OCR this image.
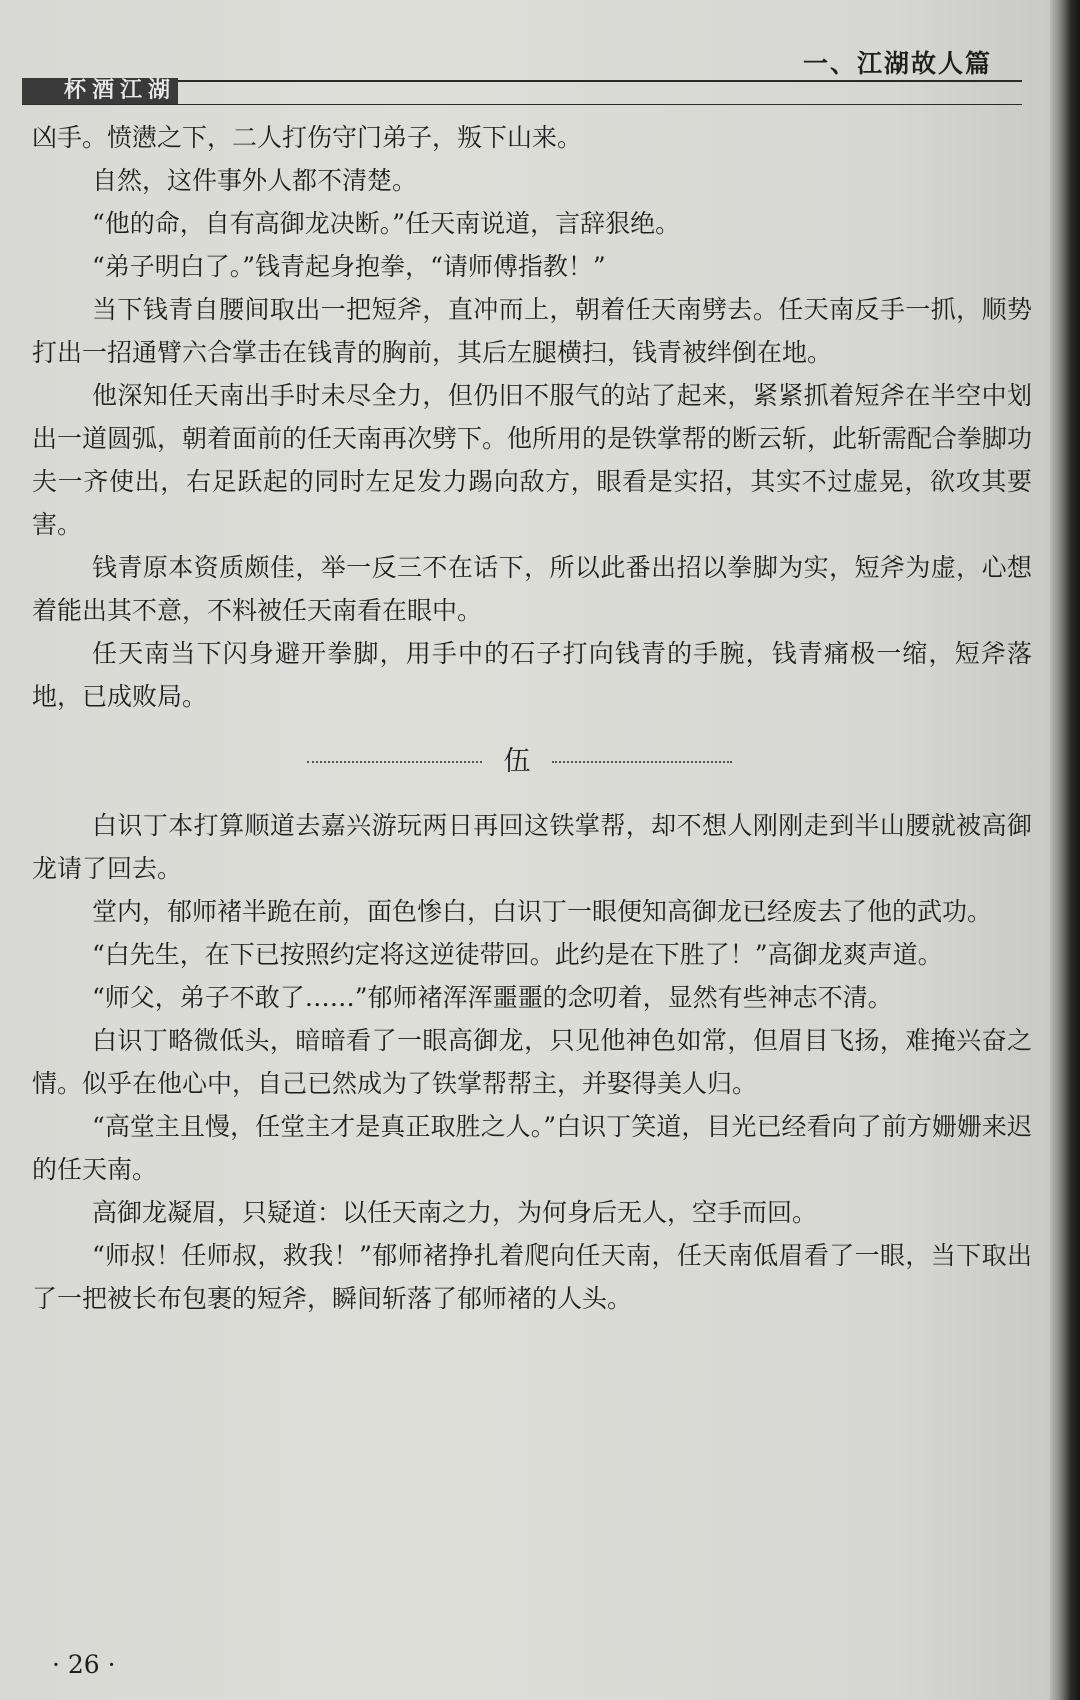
一、江湖故人篇
杯酒江湖

凶手。愤懑之下，二人打伤守门弟子，叛下山来。

自然，这件事外人都不清楚。

“他的命，自有高御龙决断。”任天南说道，言辞狠绝。

“弟子明白了。”钱青起身抱拳，“请师傅指教！”

当下钱青自腰间取出一把短斧，直冲而上，朝着任天南劈去。任天南反手一抓，顺势打出一招通臂六合掌击在钱青的胸前，其后左腿横扫，钱青被绊倒在地。

他深知任天南出手时未尽全力，但仍旧不服气的站了起来，紧紧抓着短斧在半空中划出一道圆弧，朝着面前的任天南再次劈下。他所用的是铁掌帮的断云斩，此斩需配合拳脚功夫一齐使出，右足跃起的同时左足发力踢向敌方，眼看是实招，其实不过虚晃，欲攻其要害。

钱青原本资质颇佳，举一反三不在话下，所以此番出招以拳脚为实，短斧为虚，心想着能出其不意，不料被任天南看在眼中。

任天南当下闪身避开拳脚，用手中的石子打向钱青的手腕，钱青痛极一缩，短斧落地，已成败局。

伍

白识丁本打算顺道去嘉兴游玩两日再回这铁掌帮，却不想人刚刚走到半山腰就被高御龙请了回去。

堂内，郁师褚半跪在前，面色惨白，白识丁一眼便知高御龙已经废去了他的武功。

“白先生，在下已按照约定将这逆徒带回。此约是在下胜了！”高御龙爽声道。

“师父，弟子不敢了……”郁师褚浑浑噩噩的念叨着，显然有些神志不清。

白识丁略微低头，暗暗看了一眼高御龙，只见他神色如常，但眉目飞扬，难掩兴奋之情。似乎在他心中，自己已然成为了铁掌帮帮主，并娶得美人归。

“高堂主且慢，任堂主才是真正取胜之人。”白识丁笑道，目光已经看向了前方姗姗来迟的任天南。

高御龙凝眉，只疑道：以任天南之力，为何身后无人，空手而回。

“师叔！任师叔，救我！”郁师褚挣扎着爬向任天南，任天南低眉看了一眼，当下取出了一把被长布包裹的短斧，瞬间斩落了郁师褚的人头。

· 26 ·
